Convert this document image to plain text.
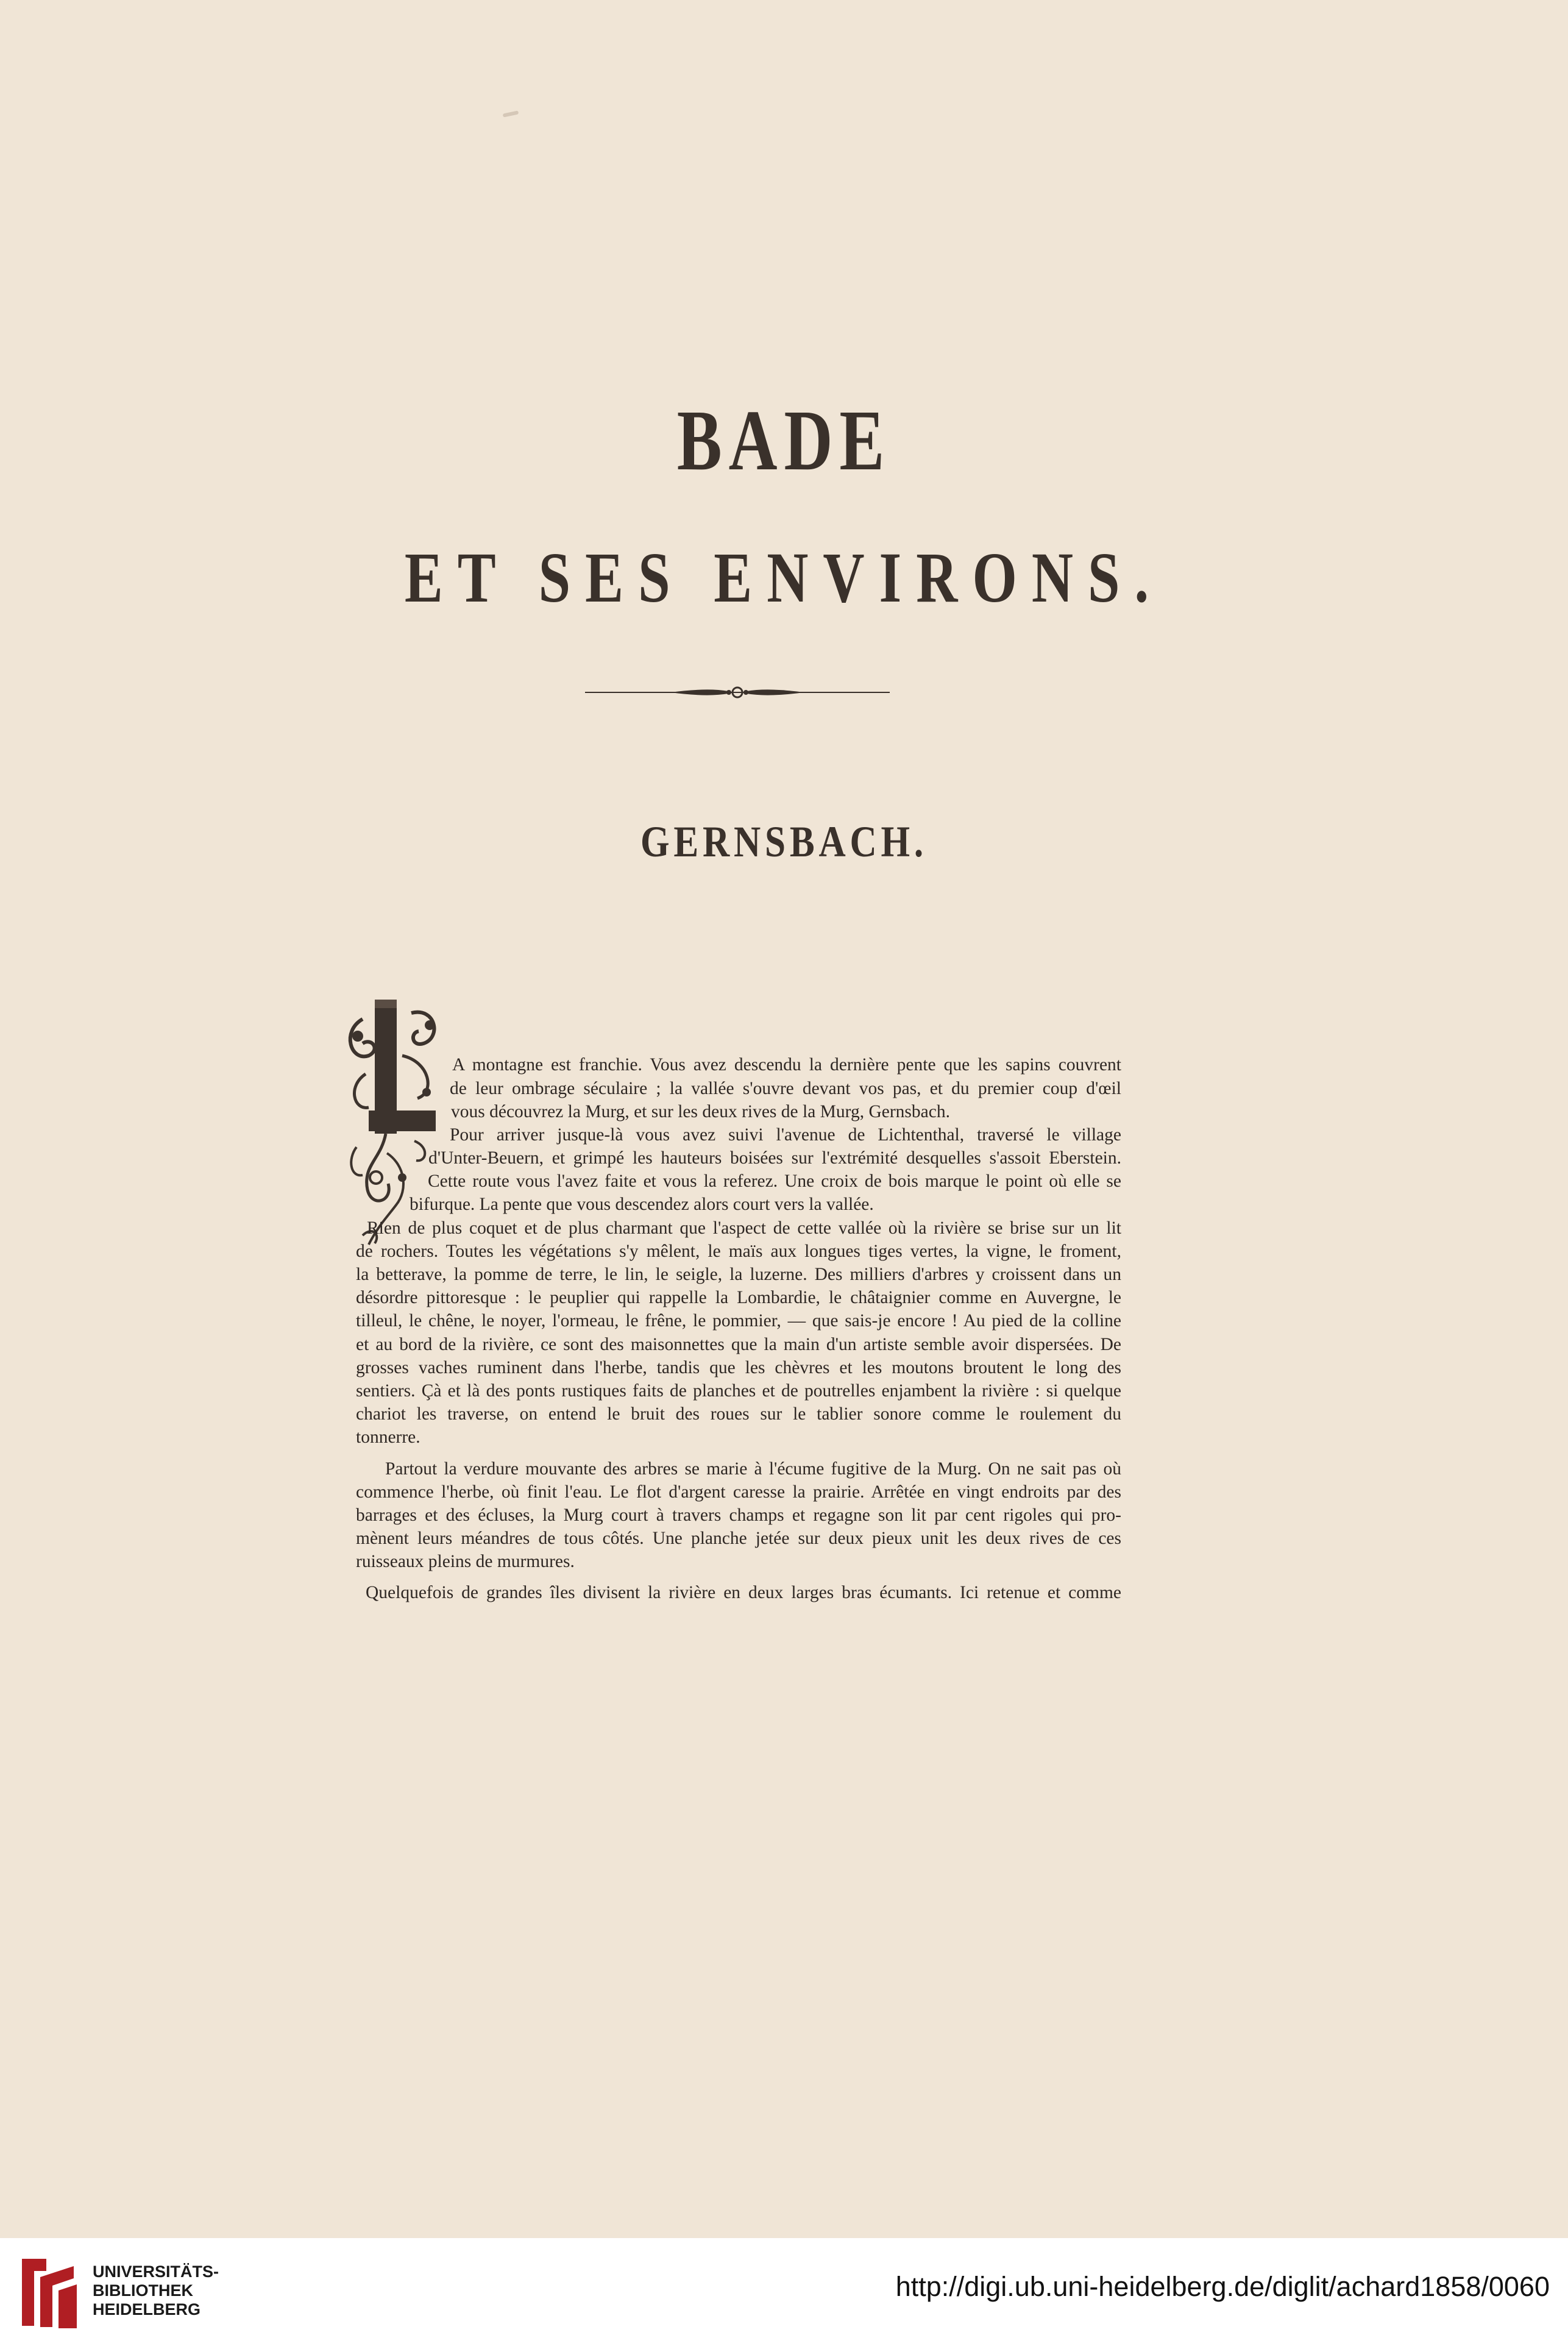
BADE
ET SES ENVIRONS.
GERNSBACH.

A montagne est franchie. Vous avez descendu la dernière pente que les sapins couvrent

de leur ombrage séculaire ; la vallée s'ouvre devant vos pas, et du premier coup d'œil

vous découvrez la Murg, et sur les deux rives de la Murg, Gernsbach.

Pour arriver jusque-là vous avez suivi l'avenue de Lichtenthal, traversé le village

d'Unter-Beuern, et grimpé les hauteurs boisées sur l'extrémité desquelles s'assoit Eberstein.

Cette route vous l'avez faite et vous la referez. Une croix de bois marque le point où elle se

bifurque. La pente que vous descendez alors court vers la vallée.

Rien de plus coquet et de plus charmant que l'aspect de cette vallée où la rivière se brise sur un lit

de rochers. Toutes les végétations s'y mêlent, le maïs aux longues tiges vertes, la vigne, le froment,

la betterave, la pomme de terre, le lin, le seigle, la luzerne. Des milliers d'arbres y croissent dans un

désordre pittoresque : le peuplier qui rappelle la Lombardie, le châtaignier comme en Auvergne, le

tilleul, le chêne, le noyer, l'ormeau, le frêne, le pommier, — que sais-je encore ! Au pied de la colline

et au bord de la rivière, ce sont des maisonnettes que la main d'un artiste semble avoir dispersées. De

grosses vaches ruminent dans l'herbe, tandis que les chèvres et les moutons broutent le long des

sentiers. Çà et là des ponts rustiques faits de planches et de poutrelles enjambent la rivière : si quelque

chariot les traverse, on entend le bruit des roues sur le tablier sonore comme le roulement du

tonnerre.

Partout la verdure mouvante des arbres se marie à l'écume fugitive de la Murg. On ne sait pas où

commence l'herbe, où finit l'eau. Le flot d'argent caresse la prairie. Arrêtée en vingt endroits par des

barrages et des écluses, la Murg court à travers champs et regagne son lit par cent rigoles qui pro-

mènent leurs méandres de tous côtés. Une planche jetée sur deux pieux unit les deux rives de ces

ruisseaux pleins de murmures.

Quelquefois de grandes îles divisent la rivière en deux larges bras écumants. Ici retenue et comme

UNIVERSITÄTS-
BIBLIOTHEK
HEIDELBERG
http://digi.ub.uni-heidelberg.de/diglit/achard1858/0060
